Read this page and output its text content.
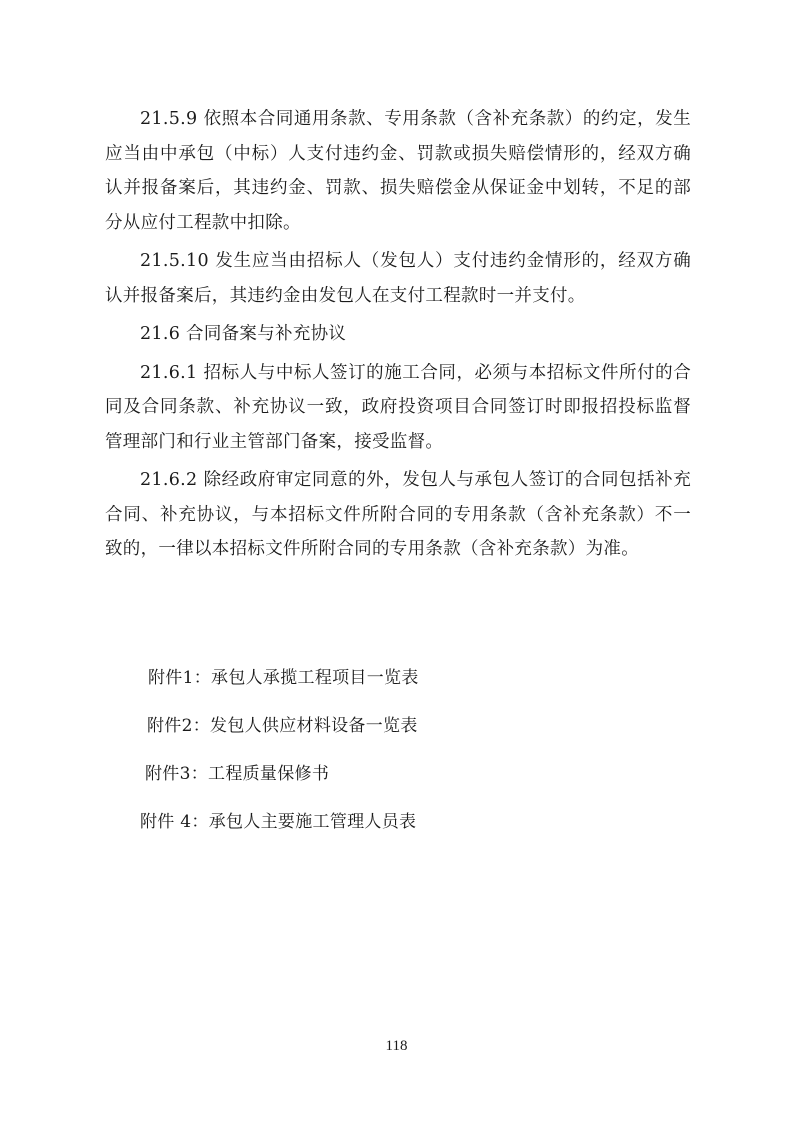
21.5.9 依照本合同通用条款、专用条款（含补充条款）的约定，发生应当由中承包（中标）人支付违约金、罚款或损失赔偿情形的，经双方确认并报备案后，其违约金、罚款、损失赔偿金从保证金中划转，不足的部分从应付工程款中扣除。

21.5.10 发生应当由招标人（发包人）支付违约金情形的，经双方确认并报备案后，其违约金由发包人在支付工程款时一并支付。

21.6 合同备案与补充协议

21.6.1 招标人与中标人签订的施工合同，必须与本招标文件所付的合同及合同条款、补充协议一致，政府投资项目合同签订时即报招投标监督管理部门和行业主管部门备案，接受监督。

21.6.2 除经政府审定同意的外，发包人与承包人签订的合同包括补充合同、补充协议，与本招标文件所附合同的专用条款（含补充条款）不一致的，一律以本招标文件所附合同的专用条款（含补充条款）为准。

附件1：承包人承揽工程项目一览表
附件2：发包人供应材料设备一览表
附件3：工程质量保修书
附件 4：承包人主要施工管理人员表
118
